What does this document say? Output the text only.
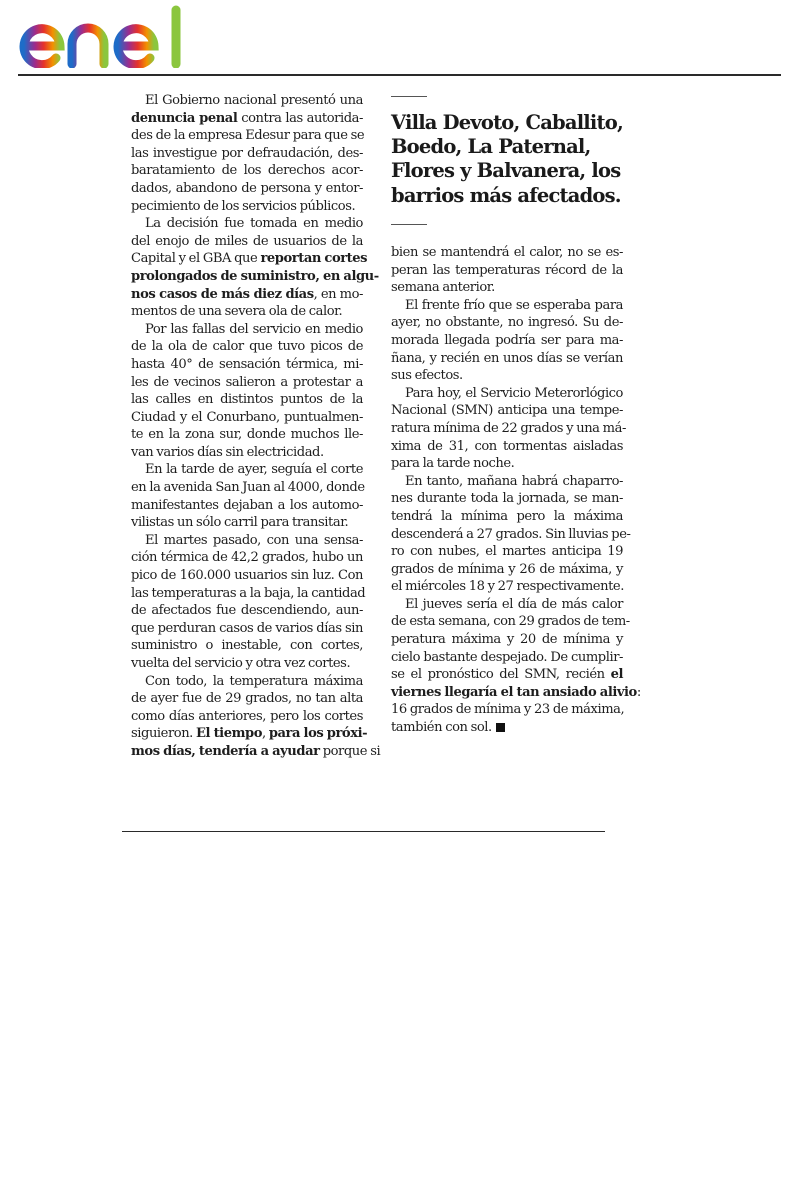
El Gobierno nacional presentó una
denuncia penal contra las autorida-
des de la empresa Edesur para que se
las investigue por defraudación, des-
baratamiento de los derechos acor-
dados, abandono de persona y entor-
pecimiento de los servicios públicos.
La decisión fue tomada en medio
del enojo de miles de usuarios de la
Capital y el GBA que reportan cortes
prolongados de suministro, en algu-
nos casos de más diez días, en mo-
mentos de una severa ola de calor.
Por las fallas del servicio en medio
de la ola de calor que tuvo picos de
hasta 40° de sensación térmica, mi-
les de vecinos salieron a protestar a
las calles en distintos puntos de la
Ciudad y el Conurbano, puntualmen-
te en la zona sur, donde muchos lle-
van varios días sin electricidad.
En la tarde de ayer, seguía el corte
en la avenida San Juan al 4000, donde
manifestantes dejaban a los automo-
vilistas un sólo carril para transitar.
El martes pasado, con una sensa-
ción térmica de 42,2 grados, hubo un
pico de 160.000 usuarios sin luz. Con
las temperaturas a la baja, la cantidad
de afectados fue descendiendo, aun-
que perduran casos de varios días sin
suministro o inestable, con cortes,
vuelta del servicio y otra vez cortes.
Con todo, la temperatura máxima
de ayer fue de 29 grados, no tan alta
como días anteriores, pero los cortes
siguieron. El tiempo, para los próxi-
mos días, tendería a ayudar porque si
Villa Devoto, Caballito,
Boedo, La Paternal,
Flores y Balvanera, los
barrios más afectados.
bien se mantendrá el calor, no se es-
peran las temperaturas récord de la
semana anterior.
El frente frío que se esperaba para
ayer, no obstante, no ingresó. Su de-
morada llegada podría ser para ma-
ñana, y recién en unos días se verían
sus efectos.
Para hoy, el Servicio Meterorlógico
Nacional (SMN) anticipa una tempe-
ratura mínima de 22 grados y una má-
xima de 31, con tormentas aisladas
para la tarde noche.
En tanto, mañana habrá chaparro-
nes durante toda la jornada, se man-
tendrá la mínima pero la máxima
descenderá a 27 grados. Sin lluvias pe-
ro con nubes, el martes anticipa 19
grados de mínima y 26 de máxima, y
el miércoles 18 y 27 respectivamente.
El jueves sería el día de más calor
de esta semana, con 29 grados de tem-
peratura máxima y 20 de mínima y
cielo bastante despejado. De cumplir-
se el pronóstico del SMN, recién el
viernes llegaría el tan ansiado alivio:
16 grados de mínima y 23 de máxima,
también con sol.
